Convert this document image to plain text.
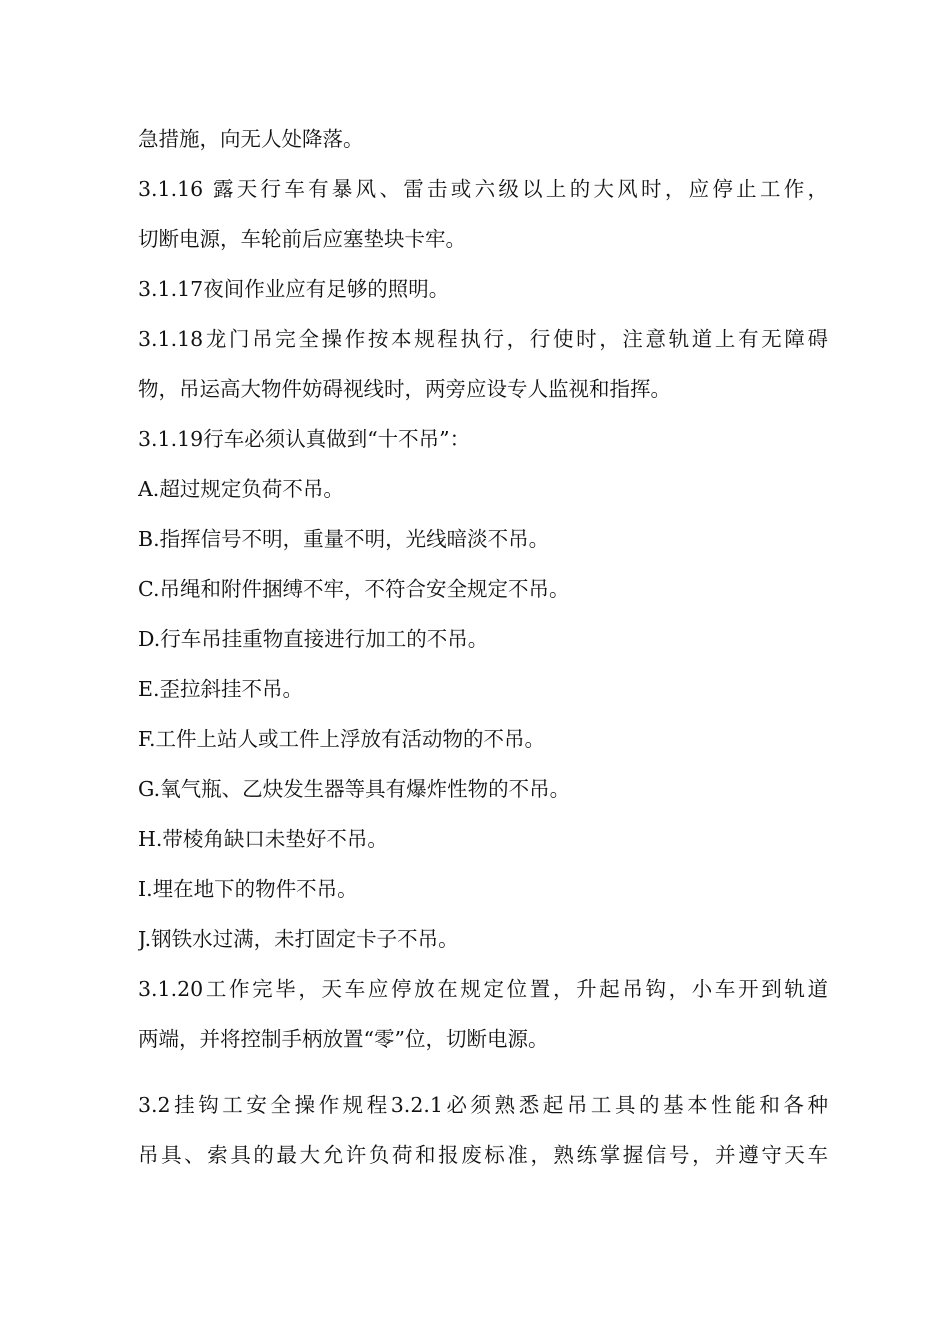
急措施，向无人处降落。
3.1.16 露天行车有暴风、雷击或六级以上的大风时，应停止工作，
切断电源，车轮前后应塞垫块卡牢。
3.1.17夜间作业应有足够的照明。
3.1.18龙门吊完全操作按本规程执行，行使时，注意轨道上有无障碍
物，吊运高大物件妨碍视线时，两旁应设专人监视和指挥。
3.1.19行车必须认真做到“十不吊”：
A.超过规定负荷不吊。
B.指挥信号不明，重量不明，光线暗淡不吊。
C.吊绳和附件捆缚不牢，不符合安全规定不吊。
D.行车吊挂重物直接进行加工的不吊。
E.歪拉斜挂不吊。
F.工件上站人或工件上浮放有活动物的不吊。
G.氧气瓶、乙炔发生器等具有爆炸性物的不吊。
H.带棱角缺口未垫好不吊。
I.埋在地下的物件不吊。
J.钢铁水过满，未打固定卡子不吊。
3.1.20工作完毕，天车应停放在规定位置，升起吊钩，小车开到轨道
两端，并将控制手柄放置“零”位，切断电源。
3.2挂钩工安全操作规程3.2.1必须熟悉起吊工具的基本性能和各种
吊具、索具的最大允许负荷和报废标准，熟练掌握信号，并遵守天车
